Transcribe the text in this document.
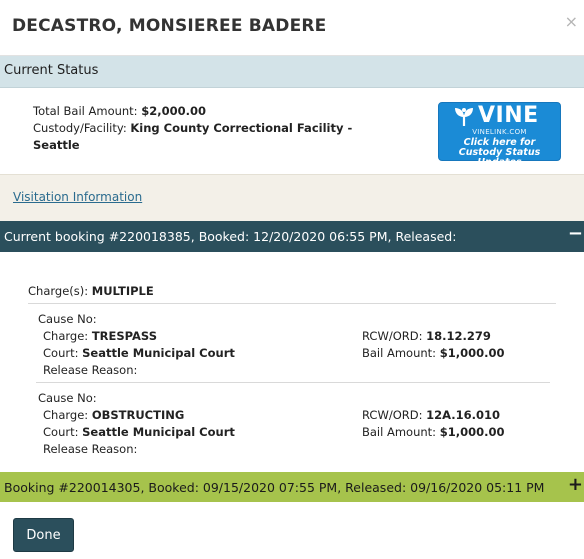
DECASTRO, MONSIEREE BADERE	×
Current Status
Total Bail Amount: $2,000.00
Custody/Facility: King County Correctional Facility -
Seattle
VINE
VINELINK.COM
Click here for
Custody Status Updates
Visitation Information
Current booking #220018385, Booked: 12/20/2020 06:55 PM, Released:	−
Charge(s): MULTIPLE
Cause No:
Charge: TRESPASS
Court: Seattle Municipal Court
Release Reason:
RCW/ORD: 18.12.279
Bail Amount: $1,000.00
Cause No:
Charge: OBSTRUCTING
Court: Seattle Municipal Court
Release Reason:
RCW/ORD: 12A.16.010
Bail Amount: $1,000.00
Booking #220014305, Booked: 09/15/2020 07:55 PM, Released: 09/16/2020 05:11 PM +
Done
